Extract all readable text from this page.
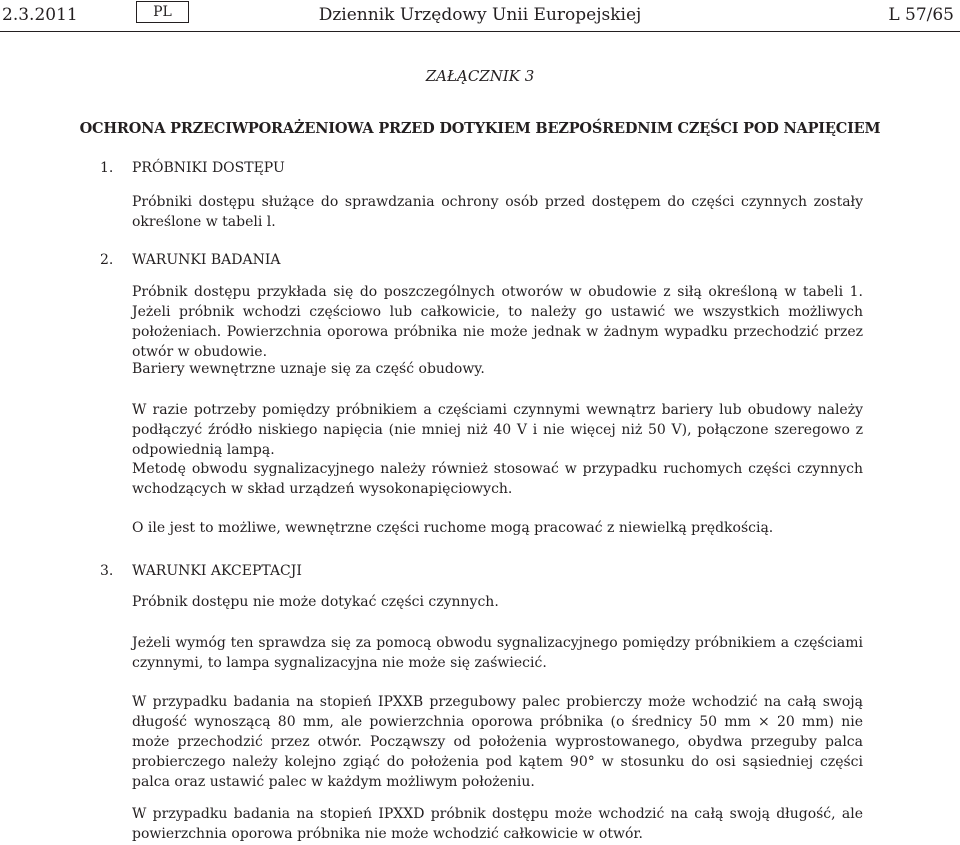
2.3.2011	PL	Dziennik Urzędowy Unii Europejskiej	L 57/65
ZAŁĄCZNIK 3
OCHRONA PRZECIWPORAŻENIOWA PRZED DOTYKIEM BEZPOŚREDNIM CZĘŚCI POD NAPIĘCIEM
1. PRÓBNIKI DOSTĘPU

Próbniki dostępu służące do sprawdzania ochrony osób przed dostępem do części czynnych zostały określone w tabeli l.

2. WARUNKI BADANIA

Próbnik dostępu przykłada się do poszczególnych otworów w obudowie z siłą określoną w tabeli 1. Jeżeli próbnik wchodzi częściowo lub całkowicie, to należy go ustawić we wszystkich możliwych położeniach. Powierzchnia oporowa próbnika nie może jednak w żadnym wypadku przechodzić przez otwór w obudowie.

Bariery wewnętrzne uznaje się za część obudowy.

W razie potrzeby pomiędzy próbnikiem a częściami czynnymi wewnątrz bariery lub obudowy należy podłączyć źródło niskiego napięcia (nie mniej niż 40 V i nie więcej niż 50 V), połączone szeregowo z odpowiednią lampą.

Metodę obwodu sygnalizacyjnego należy również stosować w przypadku ruchomych części czynnych wchodzących w skład urządzeń wysokonapięciowych.

O ile jest to możliwe, wewnętrzne części ruchome mogą pracować z niewielką prędkością.

3. WARUNKI AKCEPTACJI

Próbnik dostępu nie może dotykać części czynnych.

Jeżeli wymóg ten sprawdza się za pomocą obwodu sygnalizacyjnego pomiędzy próbnikiem a częściami czynnymi, to lampa sygnalizacyjna nie może się zaświecić.

W przypadku badania na stopień IPXXB przegubowy palec probierczy może wchodzić na całą swoją długość wynoszącą 80 mm, ale powierzchnia oporowa próbnika (o średnicy 50 mm × 20 mm) nie może przechodzić przez otwór. Począwszy od położenia wyprostowanego, obydwa przeguby palca probierczego należy kolejno zgiąć do położenia pod kątem 90° w stosunku do osi sąsiedniej części palca oraz ustawić palec w każdym możliwym położeniu.

W przypadku badania na stopień IPXXD próbnik dostępu może wchodzić na całą swoją długość, ale powierzchnia oporowa próbnika nie może wchodzić całkowicie w otwór.
